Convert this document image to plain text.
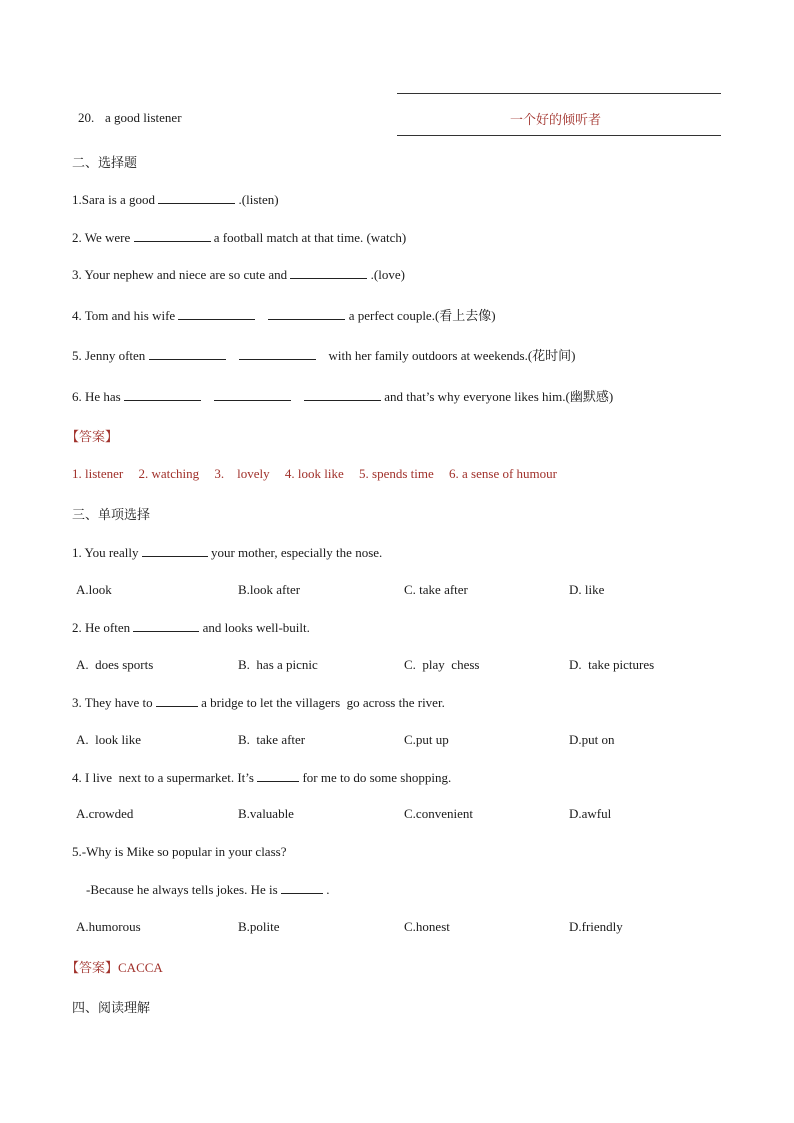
20. a good listener	一个好的倾听者
二、选择题
1.Sara is a good	.(listen)
2. We were	a football match at that time. (watch)
3. Your nephew and niece are so cute and	.(love)
4. Tom and his wife	a perfect couple.(看上去像)
5. Jenny often	with her family outdoors at weekends.(花时间)
6. He has	and that’s why everyone likes him.(幽默感)
【答案】
1. listener 2. watching 3.    lovely 4. look like 5. spends time 6. a sense of humour
三、单项选择
1. You really	your mother, especially the nose.
A.look	B.look after	C. take after	D. like
2. He often	and looks well-built.
A.  does sports	B.  has a picnic	C.  play  chess	D.  take pictures
3. They have to	a bridge to let the villagers  go across the river.
A.  look like	B.  take after	C.put up	D.put on
4. I live  next to a supermarket. It’s	for me to do some shopping.
A.crowded	B.valuable	C.convenient	D.awful
5.-Why is Mike so popular in your class?
-Because he always tells jokes. He is	.
A.humorous	B.polite	C.honest	D.friendly
【答案】CACCA
四、阅读理解
